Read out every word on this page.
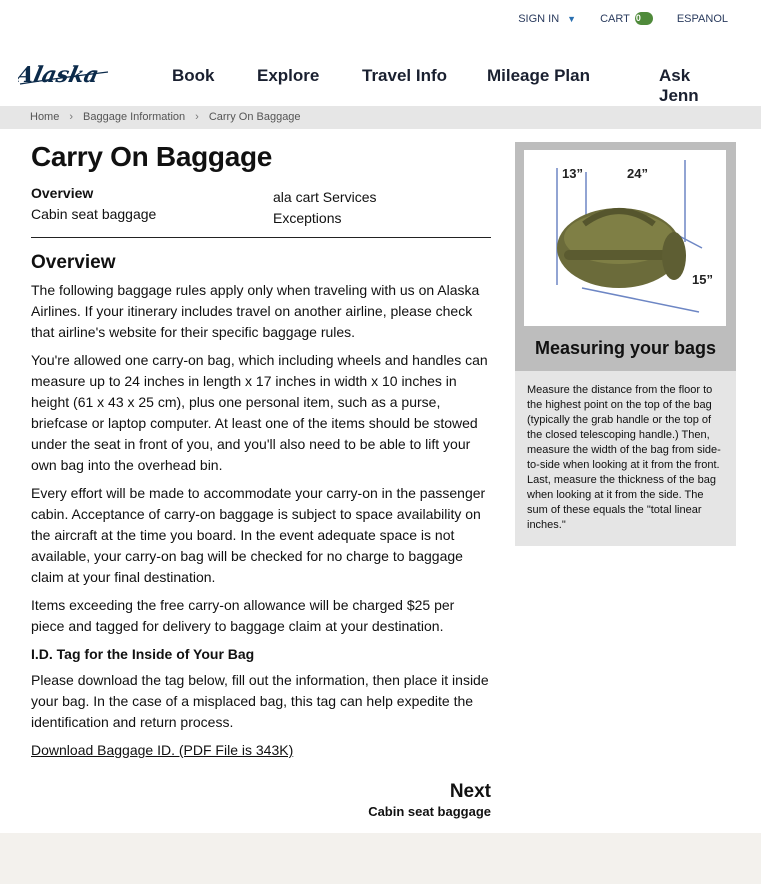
SIGN IN ▼ CART 0	ESPANOL
Alaska	Book	Explore	Travel Info Mileage Plan	Ask Jenn
Home › Baggage Information › Carry On Baggage
Carry On Baggage
Overview	ala cart Services
Cabin seat baggage	Exceptions
Overview

The following baggage rules apply only when traveling with us on Alaska Airlines. If your itinerary includes travel on another airline, please check that airline's website for their specific baggage rules.

You're allowed one carry-on bag, which including wheels and handles can measure up to 24 inches in length x 17 inches in width x 10 inches in height (61 x 43 x 25 cm), plus one personal item, such as a purse, briefcase or laptop computer. At least one of the items should be stowed under the seat in front of you, and you'll also need to be able to lift your own bag into the overhead bin.

Every effort will be made to accommodate your carry-on in the passenger cabin. Acceptance of carry-on baggage is subject to space availability on the aircraft at the time you board. In the event adequate space is not available, your carry-on bag will be checked for no charge to baggage claim at your final destination.

Items exceeding the free carry-on allowance will be charged $25 per piece and tagged for delivery to baggage claim at your destination.

I.D. Tag for the Inside of Your Bag

Please download the tag below, fill out the information, then place it inside your bag. In the case of a misplaced bag, this tag can help expedite the identification and return process.

Download Baggage ID. (PDF File is 343K)
Next
Cabin seat baggage
13”	24”
15”
Measuring your bags
Measure the distance from the floor to the highest point on the top of the bag (typically the grab handle or the top of the closed telescoping handle.) Then, measure the width of the bag from side-to-side when looking at it from the front. Last, measure the thickness of the bag when looking at it from the side. The sum of these equals the "total linear inches."
